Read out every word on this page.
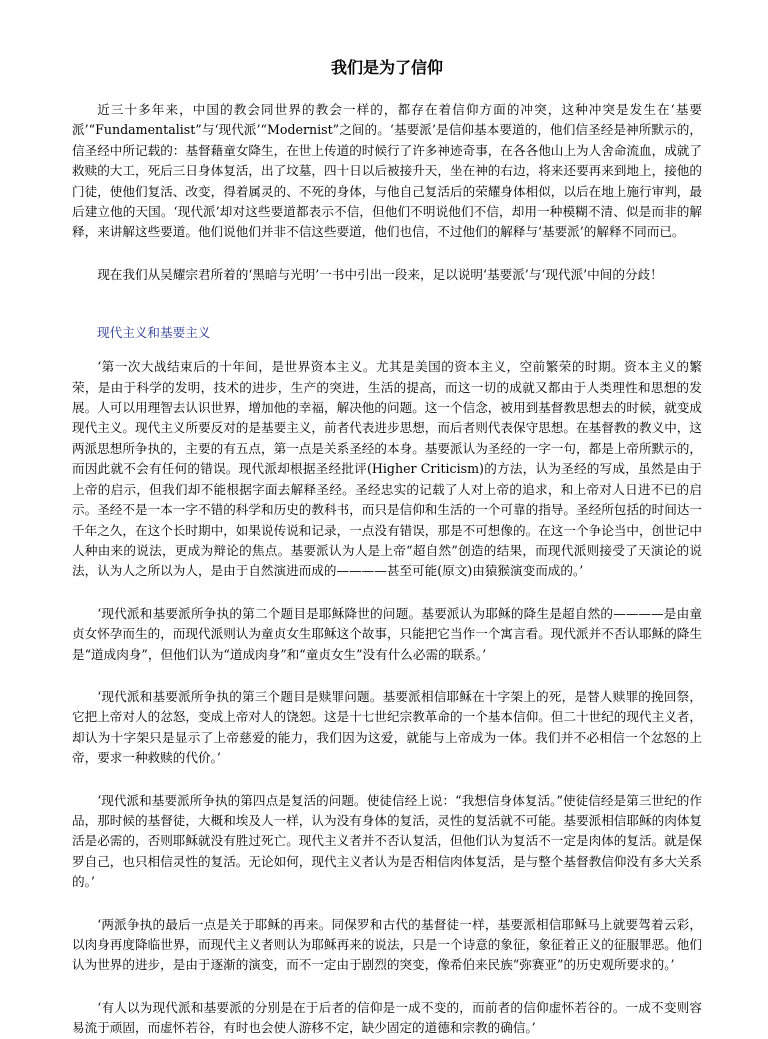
我们是为了信仰

近三十多年来，中国的教会同世界的教会一样的，都存在着信仰方面的冲突，这种冲突是发生在‘基要派’“Fundamentalist”与‘现代派’“Modernist”之间的。‘基要派’是信仰基本要道的，他们信圣经是神所默示的，信圣经中所记载的：基督藉童女降生，在世上传道的时候行了许多神迹奇事，在各各他山上为人舍命流血，成就了救赎的大工，死后三日身体复活，出了坟墓，四十日以后被接升天，坐在神的右边，将来还要再来到地上，接他的门徒，使他们复活、改变，得着属灵的、不死的身体，与他自己复活后的荣耀身体相似，以后在地上施行审判，最后建立他的天国。‘现代派’却对这些要道都表示不信，但他们不明说他们不信，却用一种模糊不清、似是而非的解释，来讲解这些要道。他们说他们并非不信这些要道，他们也信，不过他们的解释与‘基要派’的解释不同而已。

现在我们从吴耀宗君所着的‘黑暗与光明’一书中引出一段来，足以说明‘基要派’与‘现代派’中间的分歧！

现代主义和基要主义

‘第一次大战结束后的十年间，是世界资本主义。尤其是美国的资本主义，空前繁荣的时期。资本主义的繁荣，是由于科学的发明，技术的进步，生产的突进，生活的提高，而这一切的成就又都由于人类理性和思想的发展。人可以用理智去认识世界，增加他的幸福，解决他的问题。这一个信念，被用到基督教思想去的时候，就变成现代主义。现代主义所要反对的是基要主义，前者代表进步思想，而后者则代表保守思想。在基督教的教义中，这两派思想所争执的，主要的有五点，第一点是关系圣经的本身。基要派认为圣经的一字一句，都是上帝所默示的，而因此就不会有任何的错误。现代派却根据圣经批评(Higher Criticism)的方法，认为圣经的写成，虽然是由于上帝的启示，但我们却不能根据字面去解释圣经。圣经忠实的记载了人对上帝的追求，和上帝对人日进不已的启示。圣经不是一本一字不错的科学和历史的教科书，而只是信仰和生活的一个可靠的指导。圣经所包括的时间达一千年之久，在这个长时期中，如果说传说和记录，一点没有错误，那是不可想像的。在这一个争论当中，创世记中人种由来的说法，更成为辩论的焦点。基要派认为人是上帝“超自然”创造的结果，而现代派则接受了天演论的说法，认为人之所以为人，是由于自然演进而成的————甚至可能(原文)由猿猴演变而成的。’

‘现代派和基要派所争执的第二个题目是耶稣降世的问题。基要派认为耶稣的降生是超自然的————是由童贞女怀孕而生的，而现代派则认为童贞女生耶稣这个故事，只能把它当作一个寓言看。现代派并不否认耶稣的降生是“道成肉身”，但他们认为“道成肉身”和“童贞女生”没有什么必需的联系。’

‘现代派和基要派所争执的第三个题目是赎罪问题。基要派相信耶稣在十字架上的死，是替人赎罪的挽回祭，它把上帝对人的忿怒，变成上帝对人的饶恕。这是十七世纪宗教革命的一个基本信仰。但二十世纪的现代主义者，却认为十字架只是显示了上帝慈爱的能力，我们因为这爱，就能与上帝成为一体。我们并不必相信一个忿怒的上帝，要求一种救赎的代价。’

‘现代派和基要派所争执的第四点是复活的问题。使徒信经上说：“我想信身体复活。”使徒信经是第三世纪的作品，那时候的基督徒，大概和埃及人一样，认为没有身体的复活，灵性的复活就不可能。基要派相信耶稣的肉体复活是必需的，否则耶稣就没有胜过死亡。现代主义者并不否认复活，但他们认为复活不一定是肉体的复活。就是保罗自己，也只相信灵性的复活。无论如何，现代主义者认为是否相信肉体复活，是与整个基督教信仰没有多大关系的。’

‘两派争执的最后一点是关于耶稣的再来。同保罗和古代的基督徒一样，基要派相信耶稣马上就要驾着云彩，以肉身再度降临世界，而现代主义者则认为耶稣再来的说法，只是一个诗意的象征，象征着正义的征服罪恶。他们认为世界的进步，是由于逐渐的演变，而不一定由于剧烈的突变，像希伯来民族“弥赛亚”的历史观所要求的。’

‘有人以为现代派和基要派的分别是在于后者的信仰是一成不变的，而前者的信仰虚怀若谷的。一成不变则容易流于顽固，而虚怀若谷，有时也会使人游移不定，缺少固定的道德和宗教的确信。’
